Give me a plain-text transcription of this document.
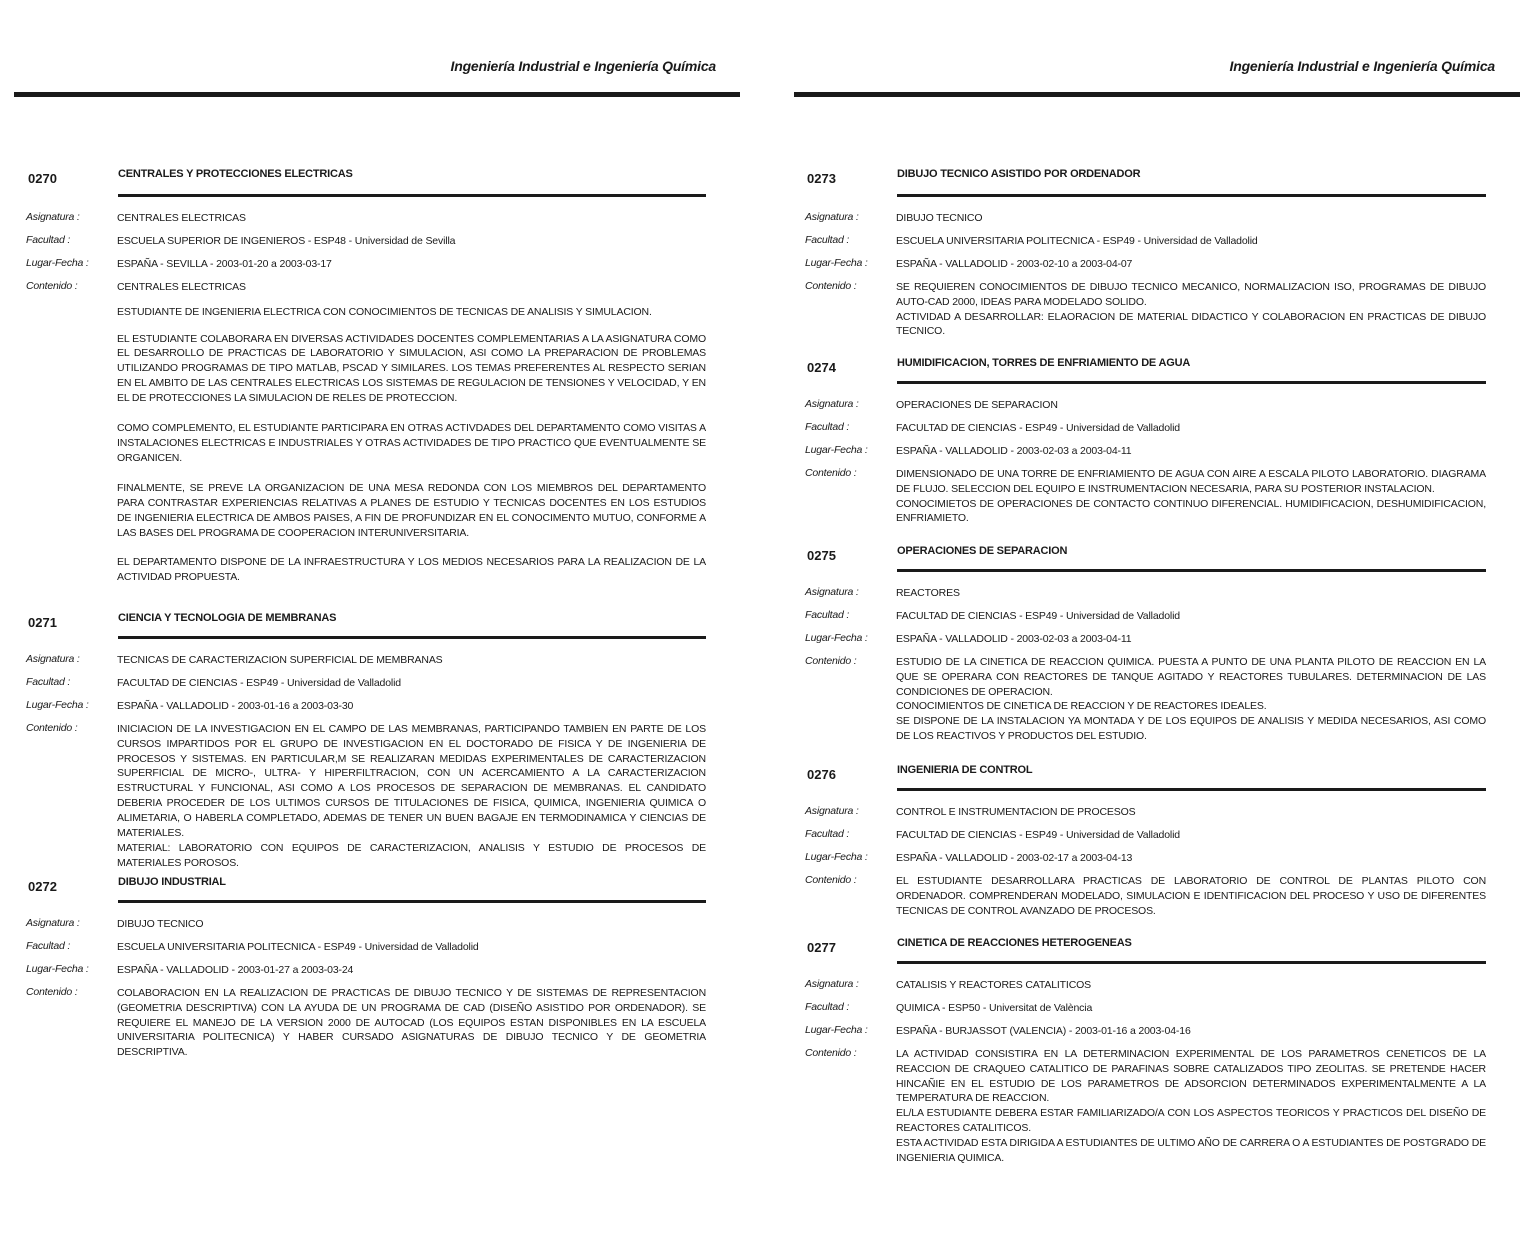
Ingeniería Industrial e Ingeniería Química
0270	CENTRALES Y PROTECCIONES ELECTRICAS
Asignatura :	CENTRALES ELECTRICAS
Facultad :	ESCUELA SUPERIOR DE INGENIEROS - ESP48 - Universidad de Sevilla
Lugar-Fecha :	ESPAÑA - SEVILLA - 2003-01-20 a 2003-03-17
Contenido :	CENTRALES ELECTRICAS
ESTUDIANTE DE INGENIERIA ELECTRICA CON CONOCIMIENTOS DE TECNICAS DE ANALISIS Y SIMULACION.
EL ESTUDIANTE COLABORARA EN DIVERSAS ACTIVIDADES DOCENTES COMPLEMENTARIAS A LA ASIGNATURA COMO EL DESARROLLO DE PRACTICAS DE LABORATORIO Y SIMULACION, ASI COMO LA PREPARACION DE PROBLEMAS UTILIZANDO PROGRAMAS DE TIPO MATLAB, PSCAD Y SIMILARES. LOS TEMAS PREFERENTES AL RESPECTO SERIAN EN EL AMBITO DE LAS CENTRALES ELECTRICAS LOS SISTEMAS DE REGULACION DE TENSIONES Y VELOCIDAD, Y EN EL DE PROTECCIONES LA SIMULACION DE RELES DE PROTECCION.
COMO COMPLEMENTO, EL ESTUDIANTE PARTICIPARA EN OTRAS ACTIVDADES DEL DEPARTAMENTO COMO VISITAS A INSTALACIONES ELECTRICAS E INDUSTRIALES Y OTRAS ACTIVIDADES DE TIPO PRACTICO QUE EVENTUALMENTE SE ORGANICEN.
FINALMENTE, SE PREVE LA ORGANIZACION DE UNA MESA REDONDA CON LOS MIEMBROS DEL DEPARTAMENTO PARA CONTRASTAR EXPERIENCIAS RELATIVAS A PLANES DE ESTUDIO Y TECNICAS DOCENTES EN LOS ESTUDIOS DE INGENIERIA ELECTRICA DE AMBOS PAISES, A FIN DE PROFUNDIZAR EN EL CONOCIMENTO MUTUO, CONFORME A LAS BASES DEL PROGRAMA DE COOPERACION INTERUNIVERSITARIA.
EL DEPARTAMENTO DISPONE DE LA INFRAESTRUCTURA Y LOS MEDIOS NECESARIOS PARA LA REALIZACION DE LA ACTIVIDAD PROPUESTA.
0271	CIENCIA Y TECNOLOGIA DE MEMBRANAS
Asignatura :	TECNICAS DE CARACTERIZACION SUPERFICIAL DE MEMBRANAS
Facultad :	FACULTAD DE CIENCIAS - ESP49 - Universidad de Valladolid
Lugar-Fecha :	ESPAÑA - VALLADOLID - 2003-01-16 a 2003-03-30
Contenido :	INICIACION DE LA INVESTIGACION EN EL CAMPO DE LAS MEMBRANAS, PARTICIPANDO TAMBIEN EN PARTE DE LOS CURSOS IMPARTIDOS POR EL GRUPO DE INVESTIGACION EN EL DOCTORADO DE FISICA Y DE INGENIERIA DE PROCESOS Y SISTEMAS. EN PARTICULAR,M SE REALIZARAN MEDIDAS EXPERIMENTALES DE CARACTERIZACION SUPERFICIAL DE MICRO-, ULTRA- Y HIPERFILTRACION, CON UN ACERCAMIENTO A LA CARACTERIZACION ESTRUCTURAL Y FUNCIONAL, ASI COMO A LOS PROCESOS DE SEPARACION DE MEMBRANAS. EL CANDIDATO DEBERIA PROCEDER DE LOS ULTIMOS CURSOS DE TITULACIONES DE FISICA, QUIMICA, INGENIERIA QUIMICA O ALIMETARIA, O HABERLA COMPLETADO, ADEMAS DE TENER UN BUEN BAGAJE EN TERMODINAMICA Y CIENCIAS DE MATERIALES.
MATERIAL: LABORATORIO CON EQUIPOS DE CARACTERIZACION, ANALISIS Y ESTUDIO DE PROCESOS DE MATERIALES POROSOS.
0272	DIBUJO INDUSTRIAL
Asignatura :	DIBUJO TECNICO
Facultad :	ESCUELA UNIVERSITARIA POLITECNICA - ESP49 - Universidad de Valladolid
Lugar-Fecha :	ESPAÑA - VALLADOLID - 2003-01-27 a 2003-03-24
Contenido :	COLABORACION EN LA REALIZACION DE PRACTICAS DE DIBUJO TECNICO Y DE SISTEMAS DE REPRESENTACION (GEOMETRIA DESCRIPTIVA) CON LA AYUDA DE UN PROGRAMA DE CAD (DISEÑO ASISTIDO POR ORDENADOR). SE REQUIERE EL MANEJO DE LA VERSION 2000 DE AUTOCAD (LOS EQUIPOS ESTAN DISPONIBLES EN LA ESCUELA UNIVERSITARIA POLITECNICA) Y HABER CURSADO ASIGNATURAS DE DIBUJO TECNICO Y DE GEOMETRIA DESCRIPTIVA.
Ingeniería Industrial e Ingeniería Química
0273	DIBUJO TECNICO ASISTIDO POR ORDENADOR
Asignatura :	DIBUJO TECNICO
Facultad :	ESCUELA UNIVERSITARIA POLITECNICA - ESP49 - Universidad de Valladolid
Lugar-Fecha :	ESPAÑA - VALLADOLID - 2003-02-10 a 2003-04-07
Contenido :	SE REQUIEREN CONOCIMIENTOS DE DIBUJO TECNICO MECANICO, NORMALIZACION ISO, PROGRAMAS DE DIBUJO AUTO-CAD 2000, IDEAS PARA MODELADO SOLIDO.
ACTIVIDAD A DESARROLLAR: ELAORACION DE MATERIAL DIDACTICO Y COLABORACION EN PRACTICAS DE DIBUJO TECNICO.
0274	HUMIDIFICACION, TORRES DE ENFRIAMIENTO DE AGUA
Asignatura :	OPERACIONES DE SEPARACION
Facultad :	FACULTAD DE CIENCIAS - ESP49 - Universidad de Valladolid
Lugar-Fecha :	ESPAÑA - VALLADOLID - 2003-02-03 a 2003-04-11
Contenido :	DIMENSIONADO DE UNA TORRE DE ENFRIAMIENTO DE AGUA CON AIRE A ESCALA PILOTO LABORATORIO. DIAGRAMA DE FLUJO. SELECCION DEL EQUIPO E INSTRUMENTACION NECESARIA, PARA SU POSTERIOR INSTALACION.
CONOCIMIETOS DE OPERACIONES DE CONTACTO CONTINUO DIFERENCIAL. HUMIDIFICACION, DESHUMIDIFICACION, ENFRIAMIETO.
0275	OPERACIONES DE SEPARACION
Asignatura :	REACTORES
Facultad :	FACULTAD DE CIENCIAS - ESP49 - Universidad de Valladolid
Lugar-Fecha :	ESPAÑA - VALLADOLID - 2003-02-03 a 2003-04-11
Contenido :	ESTUDIO DE LA CINETICA DE REACCION QUIMICA. PUESTA A PUNTO DE UNA PLANTA PILOTO DE REACCION EN LA QUE SE OPERARA CON REACTORES DE TANQUE AGITADO Y REACTORES TUBULARES. DETERMINACION DE LAS CONDICIONES DE OPERACION.
CONOCIMIENTOS DE CINETICA DE REACCION Y DE REACTORES IDEALES.
SE DISPONE DE LA INSTALACION YA MONTADA Y DE LOS EQUIPOS DE ANALISIS Y MEDIDA NECESARIOS, ASI COMO DE LOS REACTIVOS Y PRODUCTOS DEL ESTUDIO.
0276	INGENIERIA DE CONTROL
Asignatura :	CONTROL E INSTRUMENTACION DE PROCESOS
Facultad :	FACULTAD DE CIENCIAS - ESP49 - Universidad de Valladolid
Lugar-Fecha :	ESPAÑA - VALLADOLID - 2003-02-17 a 2003-04-13
Contenido :	EL ESTUDIANTE DESARROLLARA PRACTICAS DE LABORATORIO DE CONTROL DE PLANTAS PILOTO CON ORDENADOR. COMPRENDERAN MODELADO, SIMULACION E IDENTIFICACION DEL PROCESO Y USO DE DIFERENTES TECNICAS DE CONTROL AVANZADO DE PROCESOS.
0277	CINETICA DE REACCIONES HETEROGENEAS
Asignatura :	CATALISIS Y REACTORES CATALITICOS
Facultad :	QUIMICA - ESP50 - Universitat de València
Lugar-Fecha :	ESPAÑA - BURJASSOT (VALENCIA) - 2003-01-16 a 2003-04-16
Contenido :	LA ACTIVIDAD CONSISTIRA EN LA DETERMINACION EXPERIMENTAL DE LOS PARAMETROS CENETICOS DE LA REACCION DE CRAQUEO CATALITICO DE PARAFINAS SOBRE CATALIZADOS TIPO ZEOLITAS. SE PRETENDE HACER HINCAÑIE EN EL ESTUDIO DE LOS PARAMETROS DE ADSORCION DETERMINADOS EXPERIMENTALMENTE A LA TEMPERATURA DE REACCION.
EL/LA ESTUDIANTE DEBERA ESTAR FAMILIARIZADO/A CON LOS ASPECTOS TEORICOS Y PRACTICOS DEL DISEÑO DE REACTORES CATALITICOS.
ESTA ACTIVIDAD ESTA DIRIGIDA A ESTUDIANTES DE ULTIMO AÑO DE CARRERA O A ESTUDIANTES DE POSTGRADO DE INGENIERIA QUIMICA.
